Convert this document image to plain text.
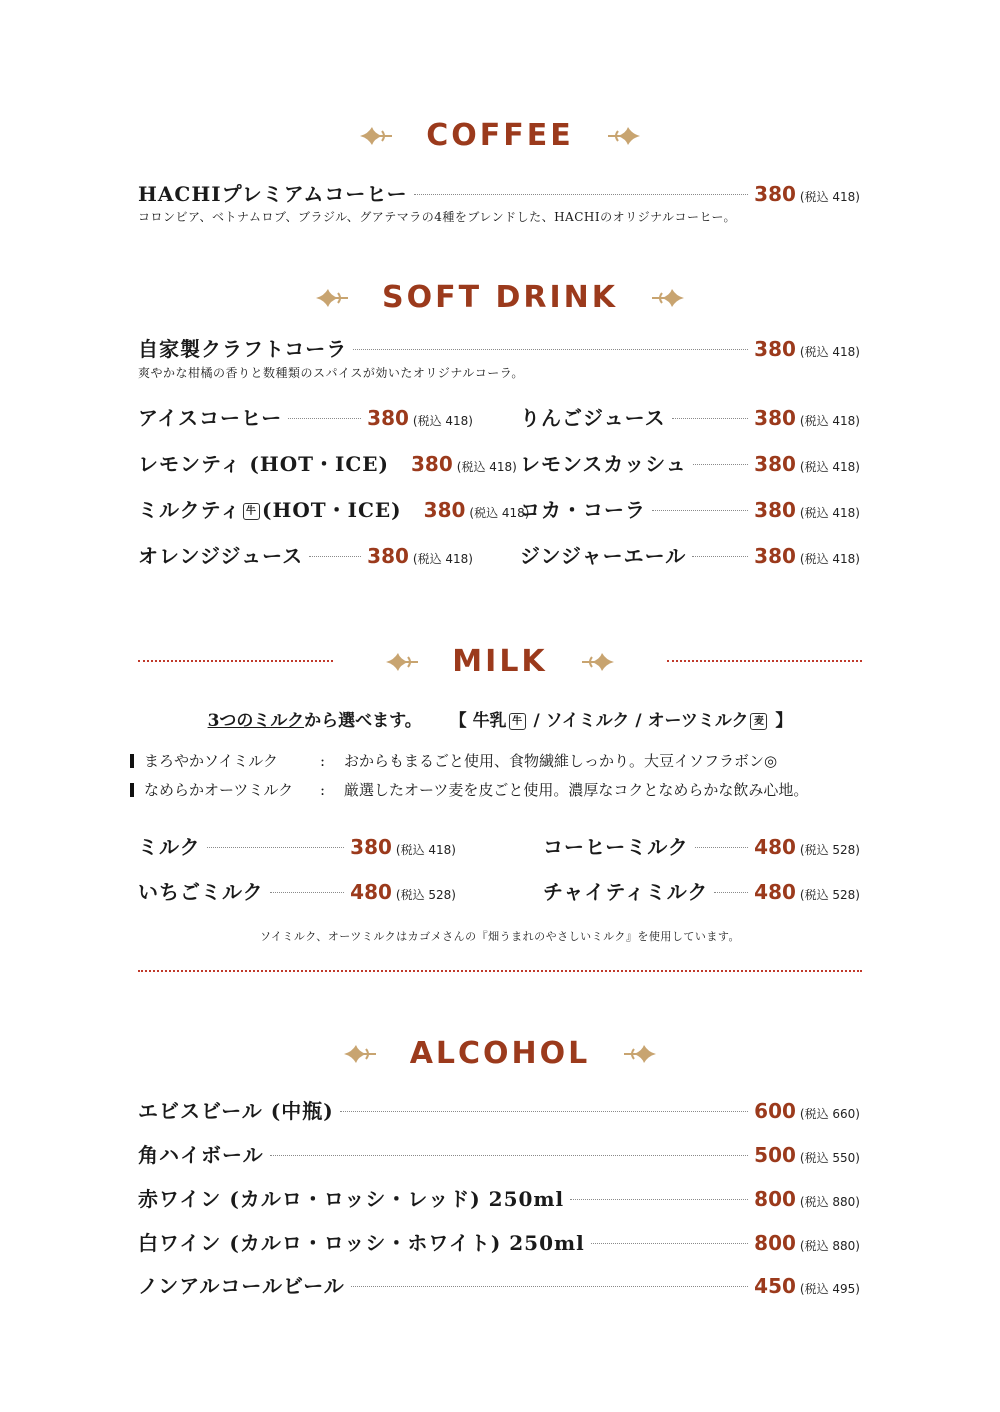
COFFEE
HACHIプレミアムコーヒー	380 (税込 418)
コロンビア、ベトナムロブ、ブラジル、グアテマラの4種をブレンドした、HACHIのオリジナルコーヒー。
SOFT DRINK
自家製クラフトコーラ	380 (税込 418)
爽やかな柑橘の香りと数種類のスパイスが効いたオリジナルコーラ。
アイスコーヒー	380 (税込 418)
レモンティ (HOT・ICE) 380 (税込 418)
ミルクティ 牛 (HOT・ICE) 380 (税込 418)
オレンジジュース	380 (税込 418)
りんごジュース	380 (税込 418)
レモンスカッシュ	380 (税込 418)
コカ・コーラ	380 (税込 418)
ジンジャーエール	380 (税込 418)
MILK
3つのミルクから選べます。 【 牛乳 牛 / ソイミルク / オーツミルク 麦 】
まろやかソイミルク	:	おからもまるごと使用、食物繊維しっかり。大豆イソフラボン◎
なめらかオーツミルク	:	厳選したオーツ麦を皮ごと使用。濃厚なコクとなめらかな飲み心地。
ミルク	380 (税込 418)
いちごミルク	480 (税込 528)
コーヒーミルク	480 (税込 528)
チャイティミルク 480 (税込 528)
ソイミルク、オーツミルクはカゴメさんの『畑うまれのやさしいミルク』を使用しています。
ALCOHOL
エビスビール (中瓶)	600 (税込 660)
角ハイボール	500 (税込 550)
赤ワイン (カルロ・ロッシ・レッド) 250ml	800 (税込 880)
白ワイン (カルロ・ロッシ・ホワイト) 250ml	800 (税込 880)
ノンアルコールビール	450 (税込 495)
